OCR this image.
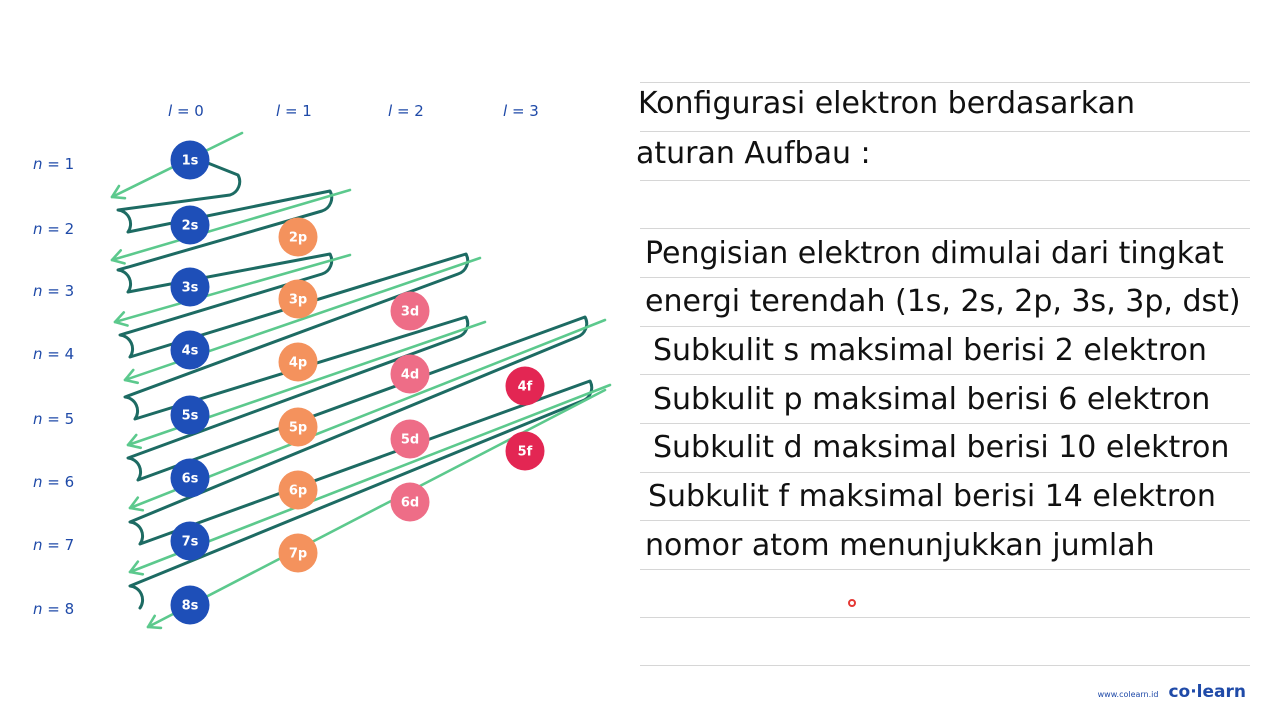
1s
2s
3s
4s
5s
6s
7s
8s
2p
3p
4p
5p
6p
7p
3d
4d
5d
6d
4f
5f
l = 0	l = 1	l = 2	l = 3
n = 1
n = 2
n = 3
n = 4
n = 5
n = 6
n = 7
n = 8

Konfigurasi elektron berdasarkan

aturan Aufbau :

Pengisian elektron dimulai dari tingkat

energi terendah (1s, 2s, 2p, 3s, 3p, dst)

Subkulit s maksimal berisi 2 elektron

Subkulit p maksimal berisi 6 elektron

Subkulit d maksimal berisi 10 elektron

Subkulit f maksimal berisi 14 elektron

nomor atom menunjukkan jumlah

www.colearn.id co·learn
